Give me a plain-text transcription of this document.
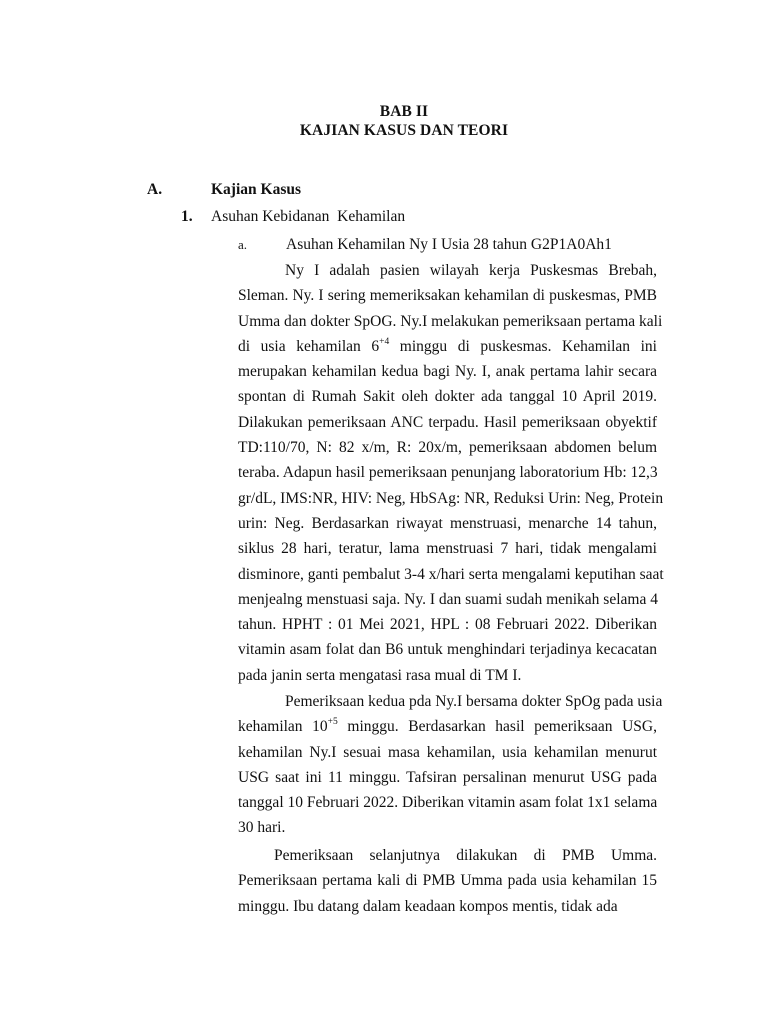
BAB II
KAJIAN KASUS DAN TEORI
A.	Kajian Kasus
1. Asuhan Kebidanan  Kehamilan
a.	Asuhan Kehamilan Ny I Usia 28 tahun G2P1A0Ah1
Ny I adalah pasien wilayah kerja Puskesmas Brebah,
Sleman. Ny. I sering memeriksakan kehamilan di puskesmas, PMB
Umma dan dokter SpOG. Ny.I melakukan pemeriksaan pertama kali
di usia kehamilan $6^{+4}$ minggu di puskesmas. Kehamilan ini
merupakan kehamilan kedua bagi Ny. I, anak pertama lahir secara
spontan di Rumah Sakit oleh dokter ada tanggal 10 April 2019.
Dilakukan pemeriksaan ANC terpadu. Hasil pemeriksaan obyektif
TD:110/70, N: 82 x/m, R: 20x/m, pemeriksaan abdomen belum
teraba. Adapun hasil pemeriksaan penunjang laboratorium Hb: 12,3
gr/dL, IMS:NR, HIV: Neg, HbSAg: NR, Reduksi Urin: Neg, Protein
urin: Neg. Berdasarkan riwayat menstruasi, menarche 14 tahun,
siklus 28 hari, teratur, lama menstruasi 7 hari, tidak mengalami
disminore, ganti pembalut 3-4 x/hari serta mengalami keputihan saat
menjealng menstuasi saja. Ny. I dan suami sudah menikah selama 4
tahun. HPHT : 01 Mei 2021, HPL : 08 Februari 2022. Diberikan
vitamin asam folat dan B6 untuk menghindari terjadinya kecacatan
pada janin serta mengatasi rasa mual di TM I.
Pemeriksaan kedua pda Ny.I bersama dokter SpOg pada usia
kehamilan $10^{+5}$ minggu. Berdasarkan hasil pemeriksaan USG,
kehamilan Ny.I sesuai masa kehamilan, usia kehamilan menurut
USG saat ini 11 minggu. Tafsiran persalinan menurut USG pada
tanggal 10 Februari 2022. Diberikan vitamin asam folat 1x1 selama
30 hari.
Pemeriksaan selanjutnya dilakukan di PMB Umma.
Pemeriksaan pertama kali di PMB Umma pada usia kehamilan 15
minggu. Ibu datang dalam keadaan kompos mentis, tidak ada
